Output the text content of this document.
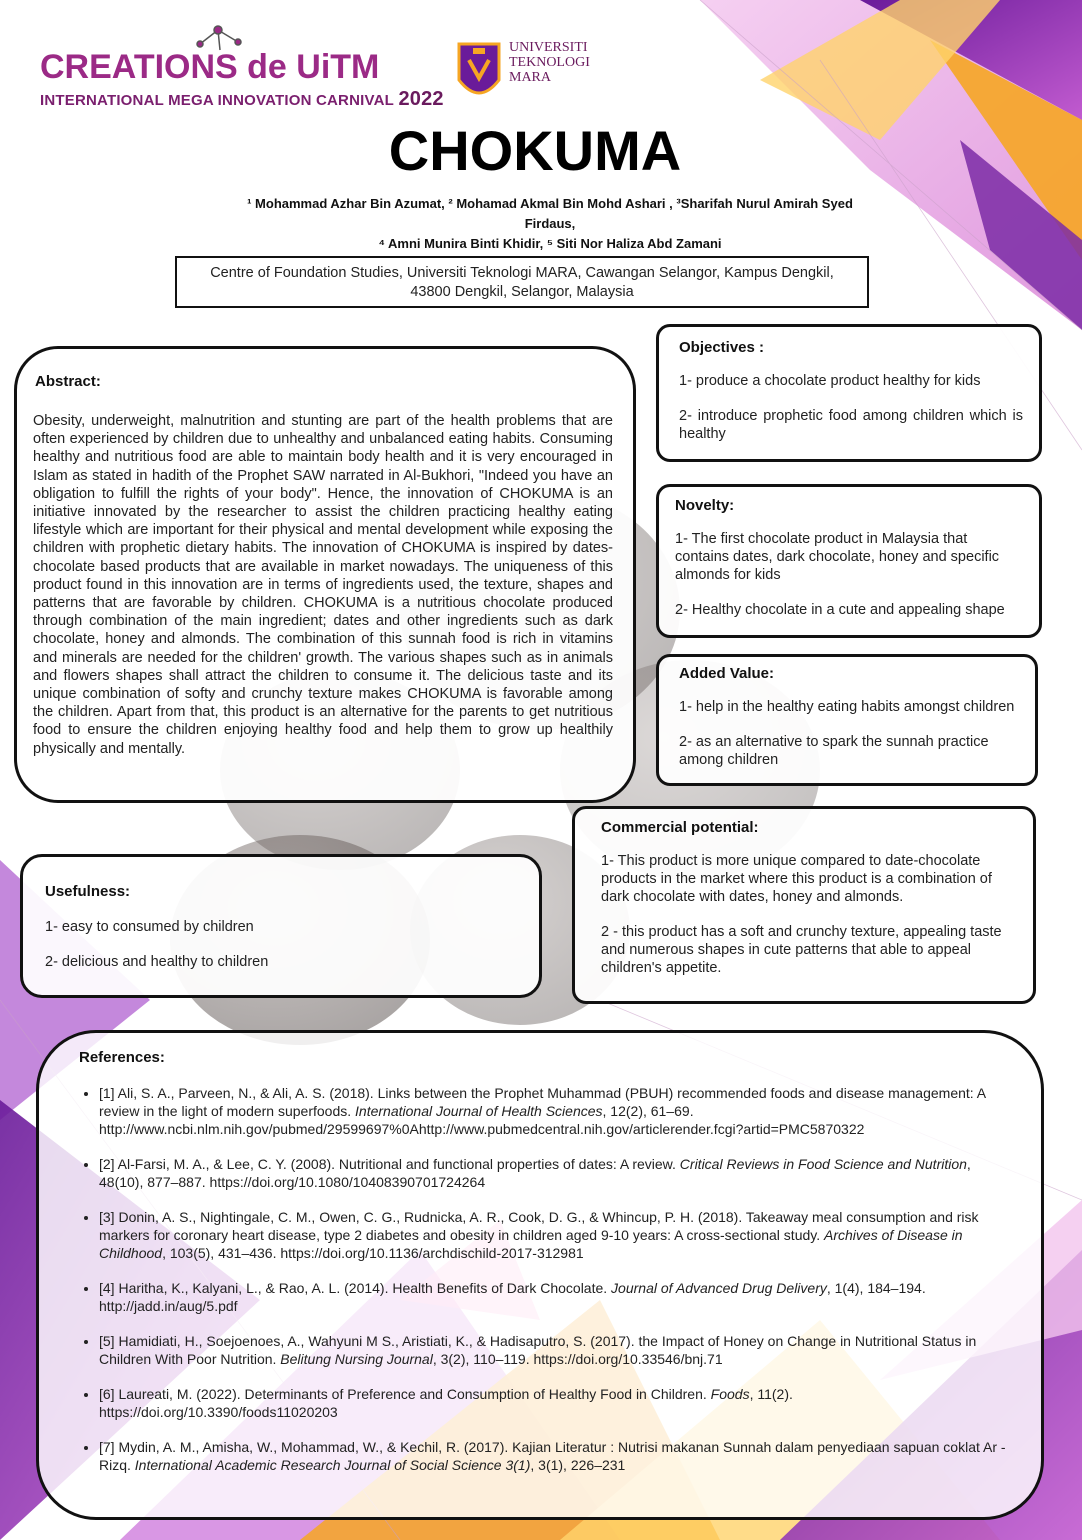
CREATIONS de UiTM
INTERNATIONAL MEGA INNOVATION CARNIVAL 2022
UNIVERSITI
TEKNOLOGI
MARA
CHOKUMA
¹ Mohammad Azhar Bin Azumat, ² Mohamad Akmal Bin Mohd Ashari , ³Sharifah Nurul Amirah Syed
Firdaus,
⁴ Amni Munira Binti Khidir, ⁵ Siti Nor Haliza Abd Zamani
Centre of Foundation Studies, Universiti Teknologi MARA, Cawangan Selangor, Kampus Dengkil, 43800 Dengkil, Selangor, Malaysia
Abstract:

Obesity, underweight, malnutrition and stunting are part of the health problems that are often experienced by children due to unhealthy and unbalanced eating habits. Consuming healthy and nutritious food are able to maintain body health and it is very encouraged in Islam as stated in hadith of the Prophet SAW narrated in Al-Bukhori, "Indeed you have an obligation to fulfill the rights of your body". Hence, the innovation of CHOKUMA is an initiative innovated by the researcher to assist the children practicing healthy eating lifestyle which are important for their physical and mental development while exposing the children with prophetic dietary habits. The innovation of CHOKUMA is inspired by dates- chocolate based products that are available in market nowadays. The uniqueness of this product found in this innovation are in terms of ingredients used, the texture, shapes and patterns that are favorable by children. CHOKUMA is a nutritious chocolate produced through combination of the main ingredient; dates and other ingredients such as dark chocolate, honey and almonds. The combination of this sunnah food is rich in vitamins and minerals are needed for the children' growth. The various shapes such as in animals and flowers shapes shall attract the children to consume it. The delicious taste and its unique combination of softy and crunchy texture makes CHOKUMA is favorable among the children. Apart from that, this product is an alternative for the parents to get nutritious food to ensure the children enjoying healthy food and help them to grow up healthily physically and mentally.

Objectives :

1- produce a chocolate product healthy for kids

2- introduce prophetic food among children which is healthy

Novelty:

1- The first chocolate product in Malaysia that contains dates, dark chocolate, honey and specific almonds for kids

2- Healthy chocolate in a cute and appealing shape

Added Value:

1- help in the healthy eating habits amongst children

2- as an alternative to spark the sunnah practice among children

Commercial potential:

1- This product is more unique compared to date-chocolate products in the market where this product is a combination of dark chocolate with dates, honey and almonds.

2 - this product has a soft and crunchy texture, appealing taste and numerous shapes in cute patterns that able to appeal children's appetite.

Usefulness:

1- easy to consumed by children

2- delicious and healthy to children

References:
• [1] Ali, S. A., Parveen, N., & Ali, A. S. (2018). Links between the Prophet Muhammad (PBUH) recommended foods and disease management: A review in the light of modern superfoods. International Journal of Health Sciences, 12(2), 61–69. http://www.ncbi.nlm.nih.gov/pubmed/29599697%0Ahttp://www.pubmedcentral.nih.gov/articlerender.fcgi?artid=PMC5870322
• [2] Al-Farsi, M. A., & Lee, C. Y. (2008). Nutritional and functional properties of dates: A review. Critical Reviews in Food Science and Nutrition, 48(10), 877–887. https://doi.org/10.1080/10408390701724264
• [3] Donin, A. S., Nightingale, C. M., Owen, C. G., Rudnicka, A. R., Cook, D. G., & Whincup, P. H. (2018). Takeaway meal consumption and risk markers for coronary heart disease, type 2 diabetes and obesity in children aged 9-10 years: A cross-sectional study. Archives of Disease in Childhood, 103(5), 431–436. https://doi.org/10.1136/archdischild-2017-312981
• [4] Haritha, K., Kalyani, L., & Rao, A. L. (2014). Health Benefits of Dark Chocolate. Journal of Advanced Drug Delivery, 1(4), 184–194. http://jadd.in/aug/5.pdf
• [5] Hamidiati, H., Soejoenoes, A., Wahyuni M S., Aristiati, K., & Hadisaputro, S. (2017). the Impact of Honey on Change in Nutritional Status in Children With Poor Nutrition. Belitung Nursing Journal, 3(2), 110–119. https://doi.org/10.33546/bnj.71
• [6] Laureati, M. (2022). Determinants of Preference and Consumption of Healthy Food in Children. Foods, 11(2). https://doi.org/10.3390/foods11020203
• [7] Mydin, A. M., Amisha, W., Mohammad, W., & Kechil, R. (2017). Kajian Literatur : Nutrisi makanan Sunnah dalam penyediaan sapuan coklat Ar - Rizq. International Academic Research Journal of Social Science 3(1), 3(1), 226–231
